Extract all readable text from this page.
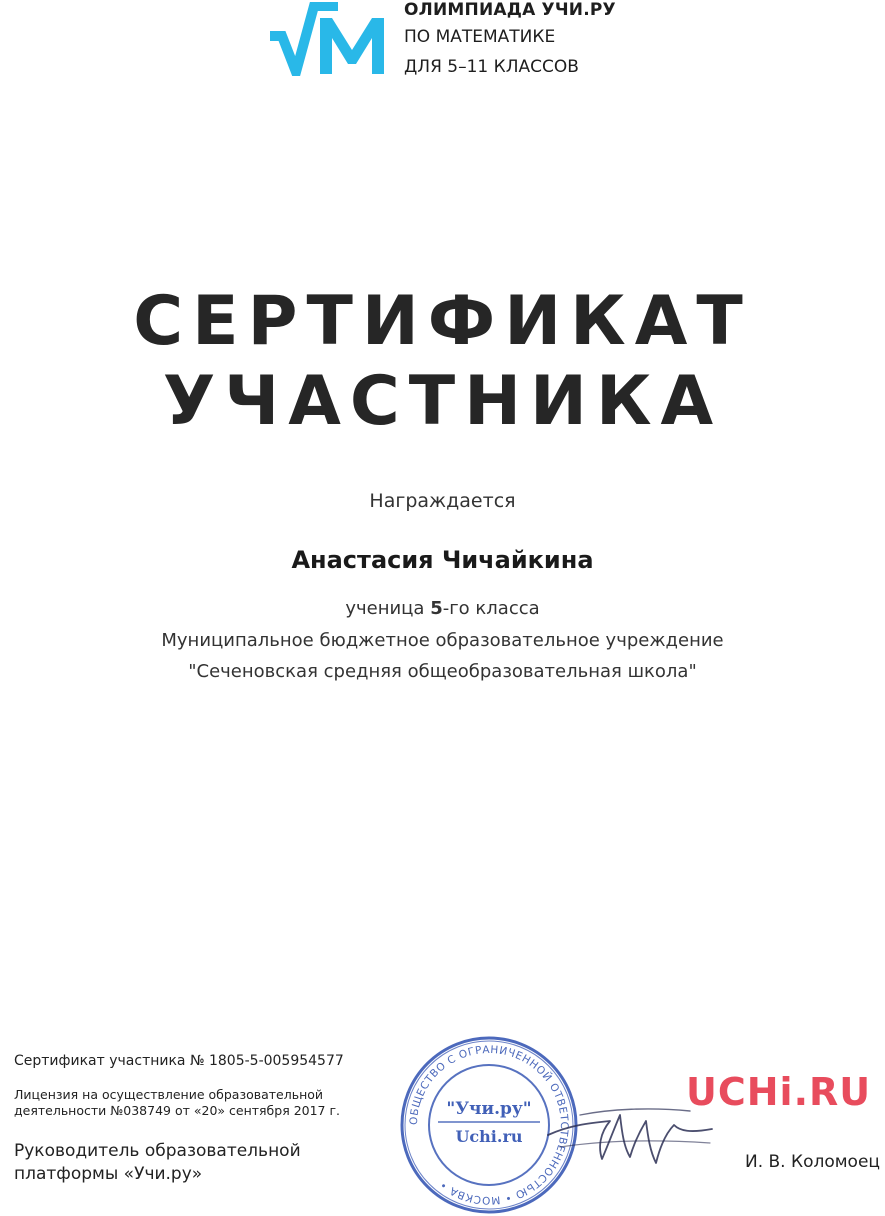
ОЛИМПИАДА УЧИ.РУ
ПО МАТЕМАТИКЕ
ДЛЯ 5–11 КЛАССОВ
СЕРТИФИКАТ
УЧАСТНИКА
Награждается
Анастасия Чичайкина
ученица 5-го класса
Муниципальное бюджетное образовательное учреждение
"Сеченовская средняя общеобразовательная школа"
Сертификат участника № 1805-5-005954577
Лицензия на осуществление образовательной
деятельности №038749 от «20» сентября 2017 г.
Руководитель образовательной
платформы «Учи.ру»
ОБЩЕСТВО С ОГРАНИЧЕННОЙ ОТВЕТСТВЕННОСТЬЮ • МОСКВА •
"Учи.ру"
Uchi.ru
UCHi.RU
И. В. Коломоец
